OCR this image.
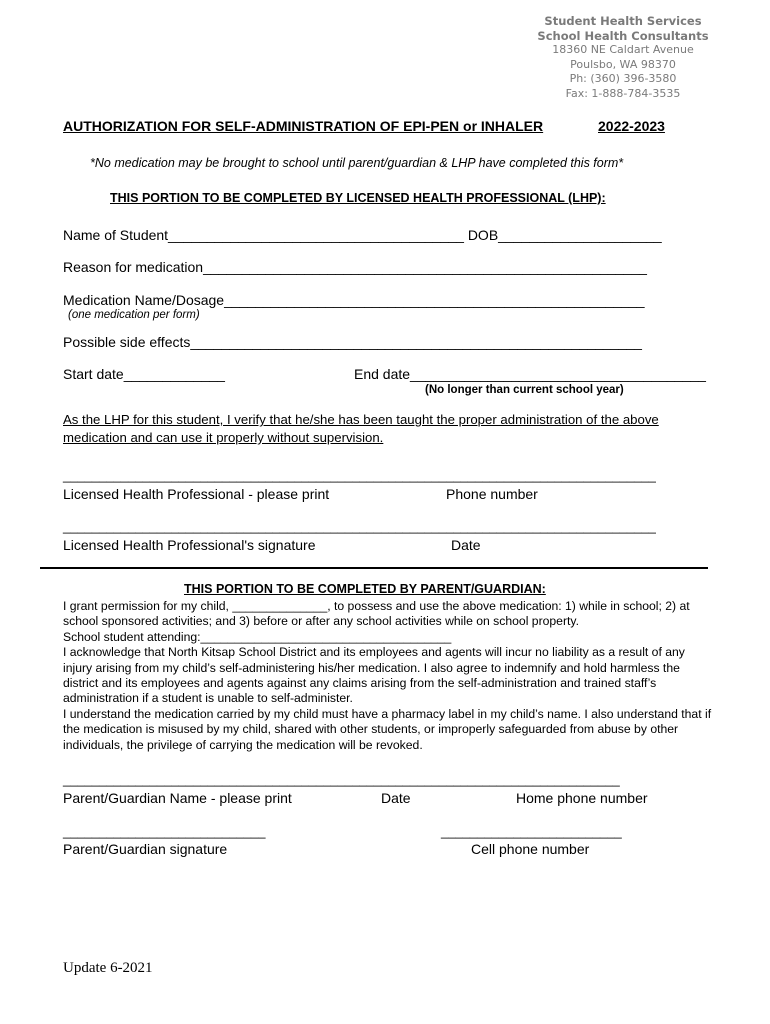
Student Health Services
School Health Consultants
18360 NE Caldart Avenue
Poulsbo, WA 98370
Ph: (360) 396-3580
Fax: 1-888-784-3535
AUTHORIZATION FOR SELF-ADMINISTRATION OF EPI-PEN or INHALER	2022-2023
*No medication may be brought to school until parent/guardian & LHP have completed this form*
THIS PORTION TO BE COMPLETED BY LICENSED HEALTH PROFESSIONAL (LHP):
Name of Student______________________________________ DOB_____________________
Reason for medication_________________________________________________________
Medication Name/Dosage______________________________________________________
(one medication per form)
Possible side effects__________________________________________________________
Start date_____________	End date______________________________________
(No longer than current school year)
As the LHP for this student, I verify that he/she has been taught the proper administration of the above
medication and can use it properly without supervision.
__________________________________________________________________________________
Licensed Health Professional - please print	Phone number
__________________________________________________________________________________
Licensed Health Professional's signature	Date
THIS PORTION TO BE COMPLETED BY PARENT/GUARDIAN:

I grant permission for my child, ______________, to possess and use the above medication: 1) while in school; 2) at school sponsored activities; and 3) before or after any school activities while on school property.

School student attending:_____________________________________

I acknowledge that North Kitsap School District and its employees and agents will incur no liability as a result of any injury arising from my child’s self-administering his/her medication. I also agree to indemnify and hold harmless the district and its employees and agents against any claims arising from the self-administration and trained staff’s administration if a student is unable to self-administer.

I understand the medication carried by my child must have a pharmacy label in my child’s name. I also understand that if the medication is misused by my child, shared with other students, or improperly safeguarded from abuse by other individuals, the privilege of carrying the medication will be revoked.

_____________________________________________________________________________
Parent/Guardian Name - please print	Date	Home phone number
____________________________	_________________________
Parent/Guardian signature	Cell phone number
Update 6-2021
